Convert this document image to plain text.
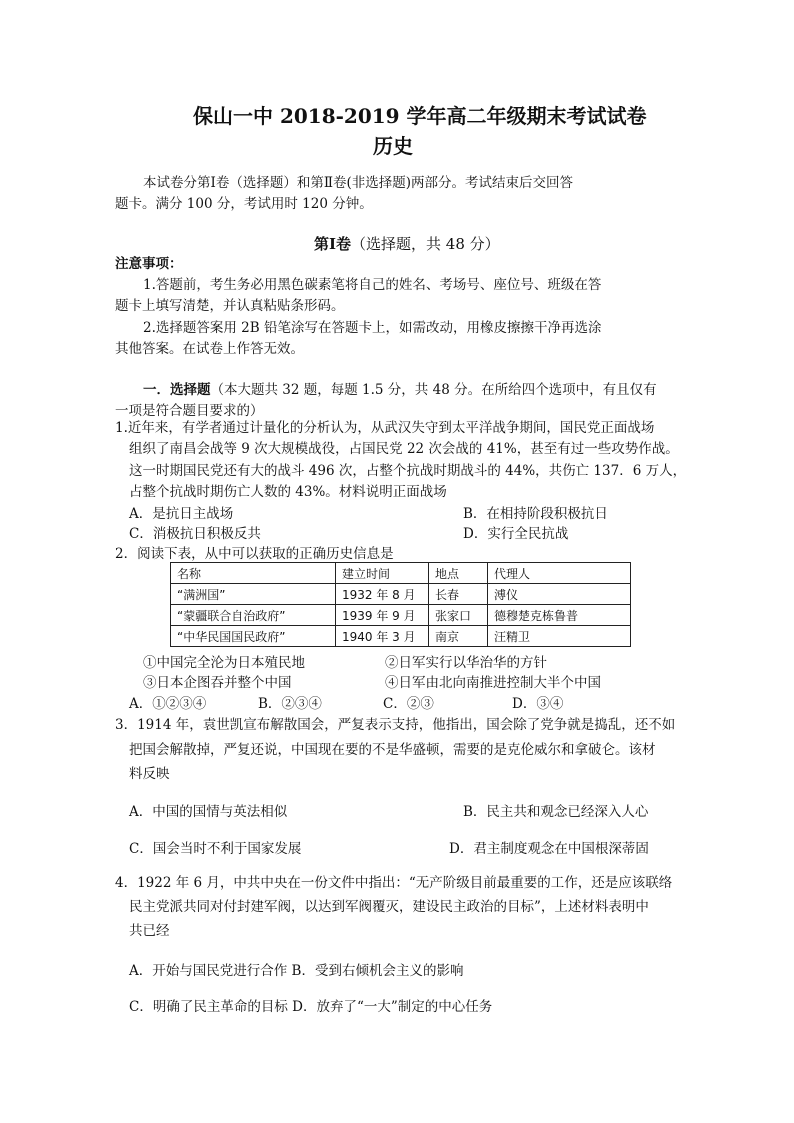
保山一中 2018-2019 学年高二年级期末考试试卷
历史
本试卷分第Ⅰ卷（选择题）和第Ⅱ卷(非选择题)两部分。考试结束后交回答
题卡。满分 100 分，考试用时 120 分钟。
第Ⅰ卷（选择题，共 48 分）
注意事项：
1.答题前，考生务必用黑色碳素笔将自己的姓名、考场号、座位号、班级在答
题卡上填写清楚，并认真粘贴条形码。
2.选择题答案用 2B 铅笔涂写在答题卡上，如需改动，用橡皮擦擦干净再选涂
其他答案。在试卷上作答无效。
一．选择题（本大题共 32 题，每题 1.5 分，共 48 分。在所给四个选项中，有且仅有
一项是符合题目要求的）
1.近年来，有学者通过计量化的分析认为，从武汉失守到太平洋战争期间，国民党正面战场
组织了南昌会战等 9 次大规模战役，占国民党 22 次会战的 41%，甚至有过一些攻势作战。
这一时期国民党还有大的战斗 496 次，占整个抗战时期战斗的 44%，共伤亡 137．6 万人，
占整个抗战时期伤亡人数的 43%。材料说明正面战场
A．是抗日主战场	B．在相持阶段积极抗日
C．消极抗日积极反共	D．实行全民抗战
2．阅读下表，从中可以获取的正确历史信息是
名称	建立时间	地点	代理人
“满洲国”	1932 年 8 月	长春	溥仪
“蒙疆联合自治政府”	1939 年 9 月	张家口	德穆楚克栋鲁普
“中华民国国民政府”	1940 年 3 月	南京	汪精卫
①中国完全沦为日本殖民地	②日军实行以华治华的方针
③日本企图吞并整个中国	④日军由北向南推进控制大半个中国
A．①②③④	B．②③④	C．②③	D．③④
3．1914 年，袁世凯宣布解散国会，严复表示支持，他指出，国会除了党争就是捣乱，还不如
把国会解散掉，严复还说，中国现在要的不是华盛顿，需要的是克伦威尔和拿破仑。该材
料反映
A．中国的国情与英法相似	B．民主共和观念已经深入人心
C．国会当时不利于国家发展	D．君主制度观念在中国根深蒂固
4．1922 年 6 月，中共中央在一份文件中指出：“无产阶级目前最重要的工作，还是应该联络
民主党派共同对付封建军阀，以达到军阀覆灭，建设民主政治的目标”，上述材料表明中
共已经
A．开始与国民党进行合作 B．受到右倾机会主义的影响
C．明确了民主革命的目标 D．放弃了“一大”制定的中心任务
